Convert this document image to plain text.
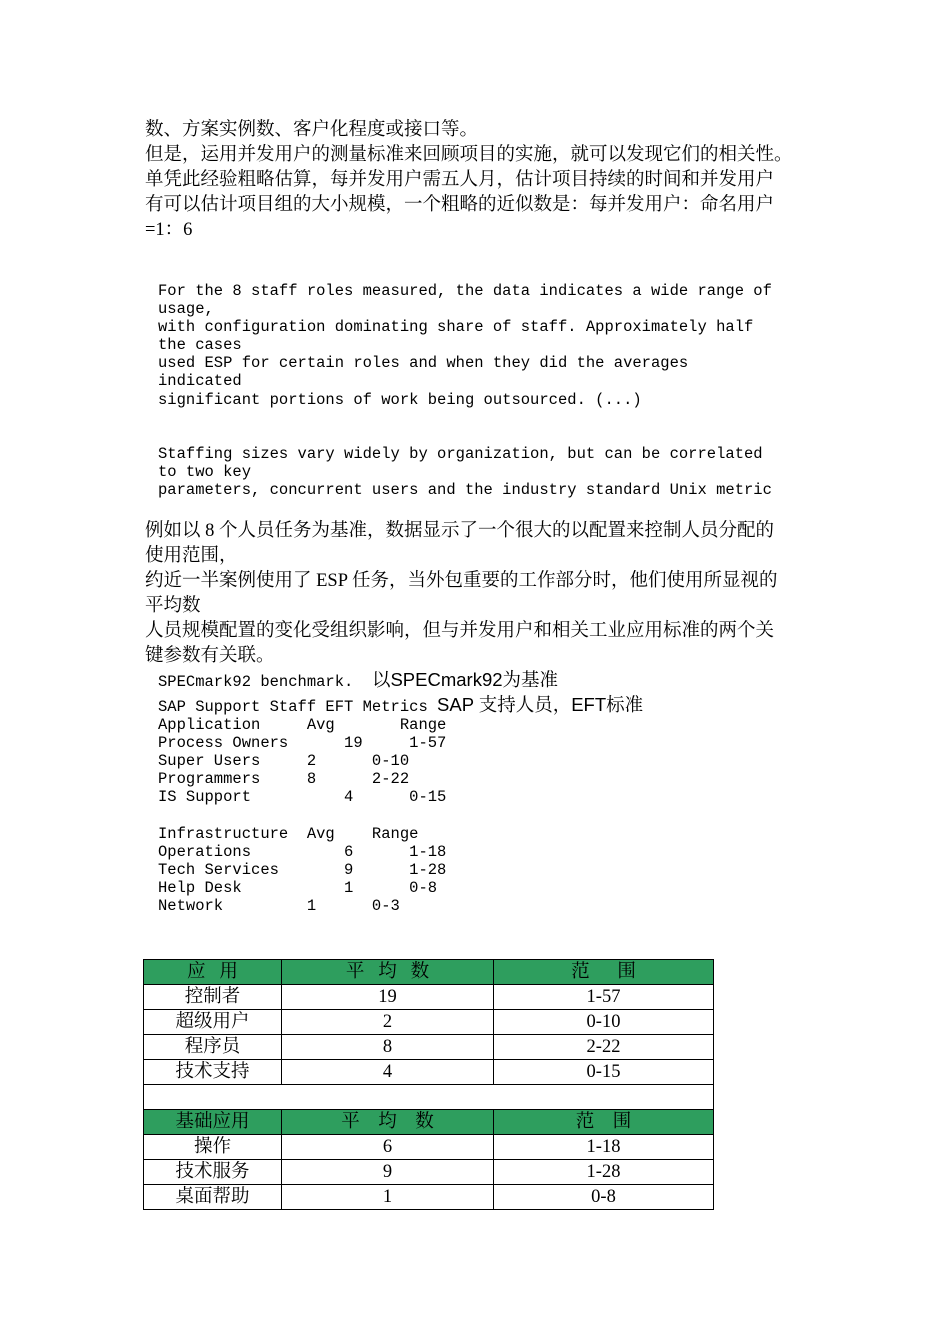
数、方案实例数、客户化程度或接口等。
但是，运用并发用户的测量标准来回顾项目的实施，就可以发现它们的相关性。
单凭此经验粗略估算，每并发用户需五人月，估计项目持续的时间和并发用户
有可以估计项目组的大小规模，一个粗略的近似数是：每并发用户：命名用户
=1：6
For the 8 staff roles measured, the data indicates a wide range of
usage,
with configuration dominating share of staff. Approximately half
the cases
used ESP for certain roles and when they did the averages
indicated
significant portions of work being outsourced. (...)
Staffing sizes vary widely by organization, but can be correlated
to two key
parameters, concurrent users and the industry standard Unix metric
例如以 8 个人员任务为基准，数据显示了一个很大的以配置来控制人员分配的
使用范围，
约近一半案例使用了 ESP 任务，当外包重要的工作部分时，他们使用所显视的
平均数
人员规模配置的变化受组织影响，但与并发用户和相关工业应用标准的两个关
键参数有关联。
SPECmark92 benchmark.  以SPECmark92为基准
SAP Support Staff EFT Metrics SAP 支持人员，EFT标准
Application     Avg       Range
Process Owners      19     1-57
Super Users     2      0-10
Programmers     8      2-22
IS Support          4      0-15
Infrastructure  Avg    Range
Operations          6      1-18
Tech Services       9      1-28
Help Desk           1      0-8
Network         1      0-3
应   用	平   均   数	范      围
控制者	19	1-57
超级用户	2	0-10
程序员	8	2-22
技术支持	4	0-15

基础应用	平    均    数	范    围
操作	6	1-18
技术服务	9	1-28
桌面帮助	1	0-8
